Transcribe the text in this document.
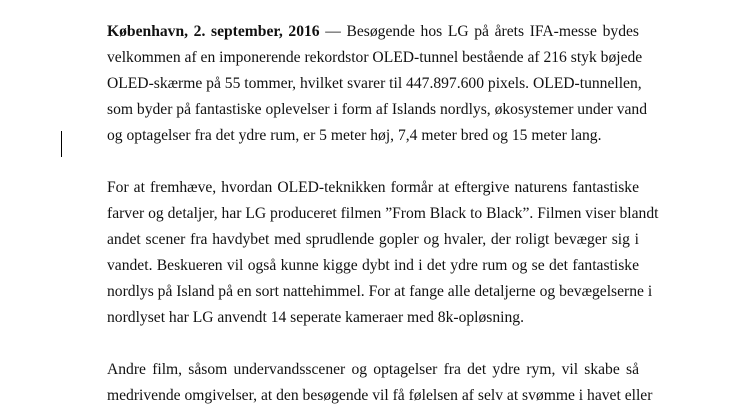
København, 2. september, 2016 — Besøgende hos LG på årets IFA-messe bydes
velkommen af en imponerende rekordstor OLED-tunnel bestående af 216 styk bøjede
OLED-skærme på 55 tommer, hvilket svarer til 447.897.600 pixels. OLED-tunnellen,
som byder på fantastiske oplevelser i form af Islands nordlys, økosystemer under vand
og optagelser fra det ydre rum, er 5 meter høj, 7,4 meter bred og 15 meter lang.

For at fremhæve, hvordan OLED-teknikken formår at eftergive naturens fantastiske
farver og detaljer, har LG produceret filmen ”From Black to Black”. Filmen viser blandt
andet scener fra havdybet med sprudlende gopler og hvaler, der roligt bevæger sig i
vandet. Beskueren vil også kunne kigge dybt ind i det ydre rum og se det fantastiske
nordlys på Island på en sort nattehimmel. For at fange alle detaljerne og bevægelserne i
nordlyset har LG anvendt 14 seperate kameraer med 8k-opløsning.

Andre film, såsom undervandsscener og optagelser fra det ydre rym, vil skabe så
medrivende omgivelser, at den besøgende vil få følelsen af selv at svømme i havet eller
